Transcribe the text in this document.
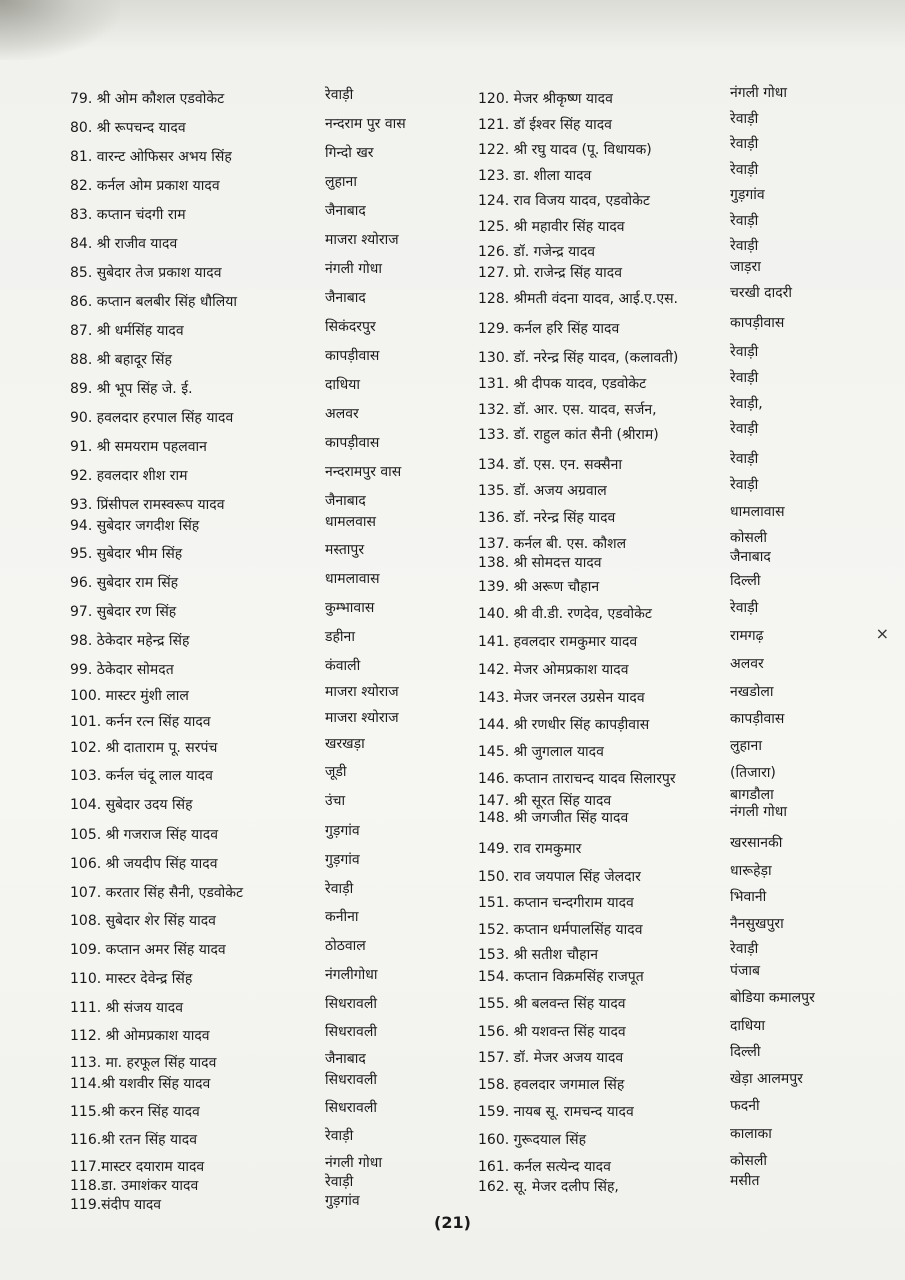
79. श्री ओम कौशल एडवोकेट	रेवाड़ी
80. श्री रूपचन्द यादव	नन्दराम पुर वास
81. वारन्ट ओफिसर अभय सिंह	गिन्दो खर
82. कर्नल ओम प्रकाश यादव	लुहाना
83. कप्तान चंदगी राम	जैनाबाद
84. श्री राजीव यादव	माजरा श्योराज
85. सुबेदार तेज प्रकाश यादव	नंगली गोधा
86. कप्तान बलबीर सिंह धौलिया	जैनाबाद
87. श्री धर्मसिंह यादव	सिकंदरपुर
88. श्री बहादूर सिंह	कापड़ीवास
89. श्री भूप सिंह जे. ई.	दाधिया
90. हवलदार हरपाल सिंह यादव	अलवर
91. श्री समयराम पहलवान	कापड़ीवास
92. हवलदार शीश राम	नन्दरामपुर वास
93. प्रिंसीपल रामस्वरूप यादव	जैनाबाद
94. सुबेदार जगदीश सिंह	धामलवास
95. सुबेदार भीम सिंह	मस्तापुर
96. सुबेदार राम सिंह	धामलावास
97. सुबेदार रण सिंह	कुम्भावास
98. ठेकेदार महेन्द्र सिंह	डहीना
99. ठेकेदार सोमदत	कंवाली
100. मास्टर मुंशी लाल	माजरा श्योराज
101. कर्नन रत्न सिंह यादव	माजरा श्योराज
102. श्री दाताराम पू. सरपंच	खरखड़ा
103. कर्नल चंदू लाल यादव	जूडी
104. सुबेदार उदय सिंह	उंचा
105. श्री गजराज सिंह यादव	गुड़गांव
106. श्री जयदीप सिंह यादव	गुड़गांव
107. करतार सिंह सैनी, एडवोकेट	रेवाड़ी
108. सुबेदार शेर सिंह यादव	कनीना
109. कप्तान अमर सिंह यादव	ठोठवाल
110. मास्टर देवेन्द्र सिंह	नंगलीगोधा
111. श्री संजय यादव	सिधरावली
112. श्री ओमप्रकाश यादव	सिधरावली
113. मा. हरफूल सिंह यादव	जैनाबाद
114.श्री यशवीर सिंह यादव	सिधरावली
115.श्री करन सिंह यादव	सिधरावली
116.श्री रतन सिंह यादव	रेवाड़ी
117.मास्टर दयाराम यादव	नंगली गोधा
118.डा. उमाशंकर यादव	रेवाड़ी
119.संदीप यादव	गुड़गांव
120. मेजर श्रीकृष्ण यादव	नंगली गोधा
121. डॉ ईश्वर सिंह यादव	रेवाड़ी
122. श्री रघु यादव (पू. विधायक)	रेवाड़ी
123. डा. शीला यादव	रेवाड़ी
124. राव विजय यादव, एडवोकेट	गुड़गांव
125. श्री महावीर सिंह यादव	रेवाड़ी
126. डॉ. गजेन्द्र यादव	रेवाड़ी
127. प्रो. राजेन्द्र सिंह यादव	जाड़रा
128. श्रीमती वंदना यादव, आई.ए.एस.	चरखी दादरी
129. कर्नल हरि सिंह यादव	कापड़ीवास
130. डॉ. नरेन्द्र सिंह यादव, (कलावती)	रेवाड़ी
131. श्री दीपक यादव, एडवोकेट	रेवाड़ी
132. डॉ. आर. एस. यादव, सर्जन,	रेवाड़ी,
133. डॉ. राहुल कांत सैनी (श्रीराम)	रेवाड़ी
134. डॉ. एस. एन. सक्सैना	रेवाड़ी
135. डॉ. अजय अग्रवाल	रेवाड़ी
136. डॉ. नरेन्द्र सिंह यादव	धामलावास
137. कर्नल बी. एस. कौशल	कोसली
138. श्री सोमदत्त यादव	जैनाबाद
139. श्री अरूण चौहान	दिल्ली
140. श्री वी.डी. रणदेव, एडवोकेट	रेवाड़ी
141. हवलदार रामकुमार यादव	रामगढ़
142. मेजर ओमप्रकाश यादव	अलवर
143. मेजर जनरल उग्रसेन यादव	नखडोला
144. श्री रणधीर सिंह कापड़ीवास	कापड़ीवास
145. श्री जुगलाल यादव	लुहाना
146. कप्तान ताराचन्द यादव सिलारपुर	(तिजारा)
147. श्री सूरत सिंह यादव	बागडौला
148. श्री जगजीत सिंह यादव	नंगली गोधा
149. राव रामकुमार	खरसानकी
150. राव जयपाल सिंह जेलदार	धारूहेड़ा
151. कप्तान चन्दगीराम यादव	भिवानी
152. कप्तान धर्मपालसिंह यादव	नैनसुखपुरा
153. श्री सतीश चौहान	रेवाड़ी
154. कप्तान विक्रमसिंह राजपूत	पंजाब
155. श्री बलवन्त सिंह यादव	बोडिया कमालपुर
156. श्री यशवन्त सिंह यादव	दाधिया
157. डॉ. मेजर अजय यादव	दिल्ली
158. हवलदार जगमाल सिंह	खेड़ा आलमपुर
159. नायब सू. रामचन्द यादव	फदनी
160. गुरूदयाल सिंह	कालाका
161. कर्नल सत्येन्द यादव	कोसली
162. सू. मेजर दलीप सिंह,	मसीत
×
(21)
